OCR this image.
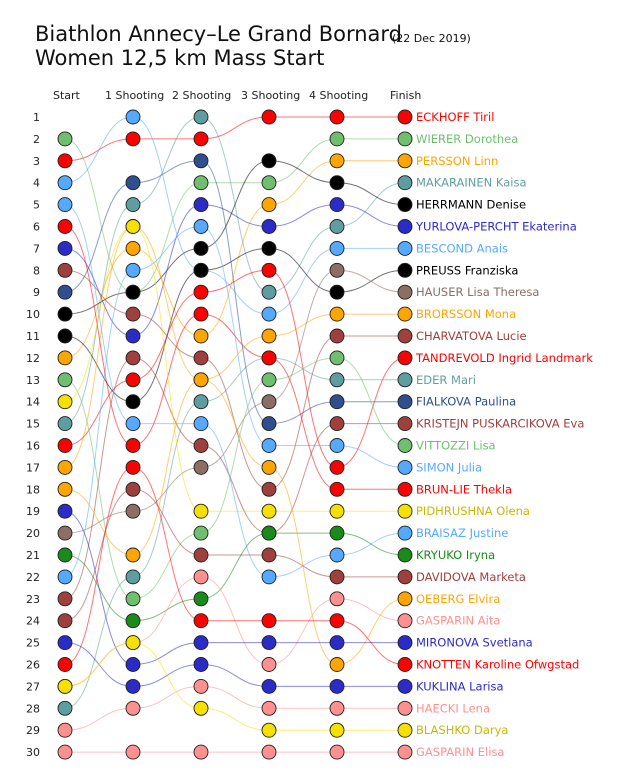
Biathlon Annecy–Le Grand Bornard
(22 Dec 2019)
Women 12,5 km Mass Start
Start 1 Shooting 2 Shooting 3 Shooting 4 Shooting Finish
1
2
3
4
5
6
7
8
9
10
11
12
13
14
15
16
17
18
19
20
21
22
23
24
25
26
27
28
29
30
ECKHOFF Tiril
WIERER Dorothea
PERSSON Linn
MAKARAINEN Kaisa
HERRMANN Denise
YURLOVA-PERCHT Ekaterina
BESCOND Anais
PREUSS Franziska
HAUSER Lisa Theresa
BRORSSON Mona
CHARVATOVA Lucie
TANDREVOLD Ingrid Landmark
EDER Mari
FIALKOVA Paulina
KRISTEJN PUSKARCIKOVA Eva
VITTOZZI Lisa
SIMON Julia
BRUN-LIE Thekla
PIDHRUSHNA Olena
BRAISAZ Justine
KRYUKO Iryna
DAVIDOVA Marketa
OEBERG Elvira
GASPARIN Aita
MIRONOVA Svetlana
KNOTTEN Karoline Ofwgstad
KUKLINA Larisa
HAECKI Lena
BLASHKO Darya
GASPARIN Elisa
